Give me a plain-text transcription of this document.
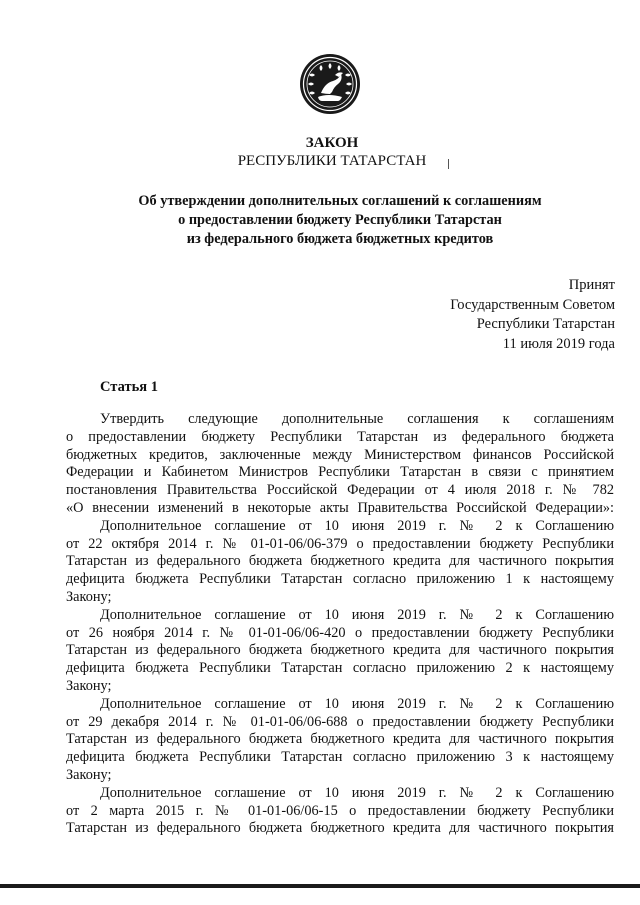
ЗАКОН

РЕСПУБЛИКИ ТАТАРСТАН

Об утверждении дополнительных соглашений к соглашениям
о предоставлении бюджету Республики Татарстан
из федерального бюджета бюджетных кредитов
Принят
Государственным Советом
Республики Татарстан
11 июля 2019 года
Статья 1
Утвердить следующие дополнительные соглашения к соглашениям
о предоставлении бюджету Республики Татарстан из федерального бюджета
бюджетных кредитов, заключенные между Министерством финансов Российской
Федерации и Кабинетом Министров Республики Татарстан в связи с принятием
постановления Правительства Российской Федерации от 4 июля 2018 г. № 782
«О внесении изменений в некоторые акты Правительства Российской Федерации»:
Дополнительное соглашение от 10 июня 2019 г. № 2 к Соглашению
от 22 октября 2014 г. № 01-01-06/06-379 о предоставлении бюджету Республики
Татарстан из федерального бюджета бюджетного кредита для частичного покрытия
дефицита бюджета Республики Татарстан согласно приложению 1 к настоящему
Закону;
Дополнительное соглашение от 10 июня 2019 г. № 2 к Соглашению
от 26 ноября 2014 г. № 01-01-06/06-420 о предоставлении бюджету Республики
Татарстан из федерального бюджета бюджетного кредита для частичного покрытия
дефицита бюджета Республики Татарстан согласно приложению 2 к настоящему
Закону;
Дополнительное соглашение от 10 июня 2019 г. № 2 к Соглашению
от 29 декабря 2014 г. № 01-01-06/06-688 о предоставлении бюджету Республики
Татарстан из федерального бюджета бюджетного кредита для частичного покрытия
дефицита бюджета Республики Татарстан согласно приложению 3 к настоящему
Закону;
Дополнительное соглашение от 10 июня 2019 г. № 2 к Соглашению
от 2 марта 2015 г. № 01-01-06/06-15 о предоставлении бюджету Республики
Татарстан из федерального бюджета бюджетного кредита для частичного покрытия
